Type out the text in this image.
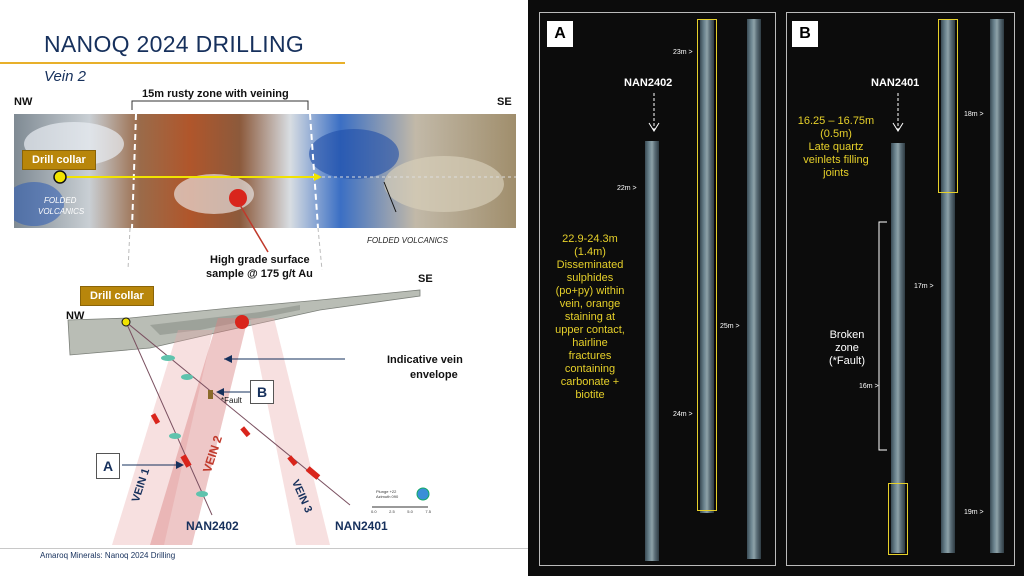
NANOQ 2024 DRILLING
Vein 2
NW	SE
15m rusty zone with veining
Drill collar
FOLDED
VOLCANICS
FOLDED VOLCANICS
Drill collar
NW
SE
High grade surface
sample @ 175 g/t Au
Indicative vein
envelope
*Fault
B
A
VEIN 1
VEIN 2
VEIN 3
NAN2402	NAN2401
Plunge +22
Azimuth 090
0.0	2.5	5.0	7.5
Amaroq Minerals: Nanoq 2024 Drilling
A
NAN2402
23m >
22m >
25m >
24m >
22.9-24.3m
(1.4m)
Disseminated
sulphides
(po+py) within
vein, orange
staining at
upper contact,
hairline
fractures
containing
carbonate +
biotite
B
NAN2401
18m >
17m >
16m >
19m >
16.25 – 16.75m
(0.5m)
Late quartz
veinlets filling
joints
Broken
zone
(*Fault)
